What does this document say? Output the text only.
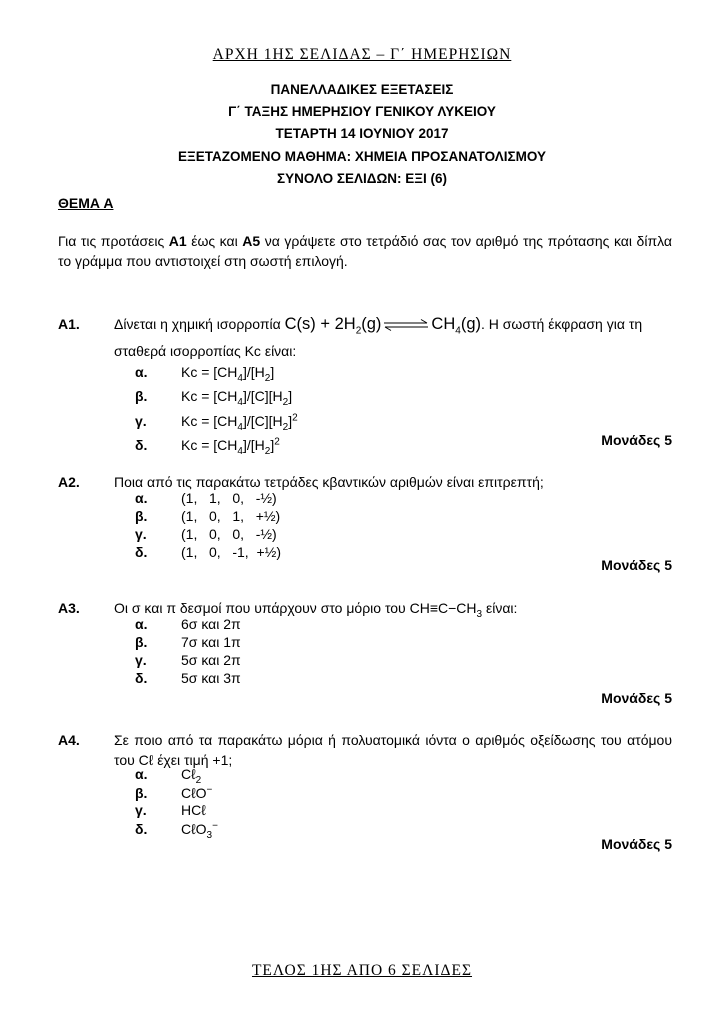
ΑΡΧΗ 1ΗΣ ΣΕΛΙΔΑΣ – Γ΄ ΗΜΕΡΗΣΙΩΝ
ΠΑΝΕΛΛΑΔΙΚΕΣ ΕΞΕΤΑΣΕΙΣ
Γ΄ ΤΑΞΗΣ ΗΜΕΡΗΣΙΟΥ ΓΕΝΙΚΟΥ ΛΥΚΕΙΟΥ
ΤΕΤΑΡΤΗ 14 ΙΟΥΝΙΟΥ 2017
ΕΞΕΤΑΖΟΜΕΝΟ ΜΑΘΗΜΑ: ΧΗΜΕΙΑ ΠΡΟΣΑΝΑΤΟΛΙΣΜΟΥ
ΣΥΝΟΛΟ ΣΕΛΙΔΩΝ: ΕΞΙ (6)
ΘΕΜΑ Α
Για τις προτάσεις Α1 έως και Α5 να γράψετε στο τετράδιό σας τον αριθμό της πρότασης και δίπλα το γράμμα που αντιστοιχεί στη σωστή επιλογή.
Α1. Δίνεται η χημική ισορροπία $C(s) + 2H_2(g)$ ⇌ $CH_4(g)$. Η σωστή έκφραση για τη σταθερά ισορροπίας Kc είναι:
α. $Kc = [CH_4]/[H_2]$
β. $Kc = [CH_4]/[C][H_2]$
γ. $Kc = [CH_4]/[C][H_2]^2$
δ. $Kc = [CH_4]/[H_2]^2$	Μονάδες 5
Α2. Ποια από τις παρακάτω τετράδες κβαντικών αριθμών είναι επιτρεπτή;
α. (1,   1,   0,   -½)
β. (1,   0,   1,   +½)
γ. (1,   0,   0,   -½)
δ. (1,   0,   -1,  +½)
Μονάδες 5
Α3. Οι σ και π δεσμοί που υπάρχουν στο μόριο του $CH\equiv C-CH_3$ είναι:
α. 6σ και 2π
β. 7σ και 1π
γ. 5σ και 2π
δ. 5σ και 3π
Μονάδες 5
Α4. Σε ποιο από τα παρακάτω μόρια ή πολυατομικά ιόντα ο αριθμός οξείδωσης του ατόμου του Cℓ έχει τιμή +1;
α. Cℓ$_2$
β. CℓO−
γ. HCℓ
δ. CℓO$_3$−
Μονάδες 5
ΤΕΛΟΣ 1ΗΣ ΑΠΟ 6 ΣΕΛΙΔΕΣ
